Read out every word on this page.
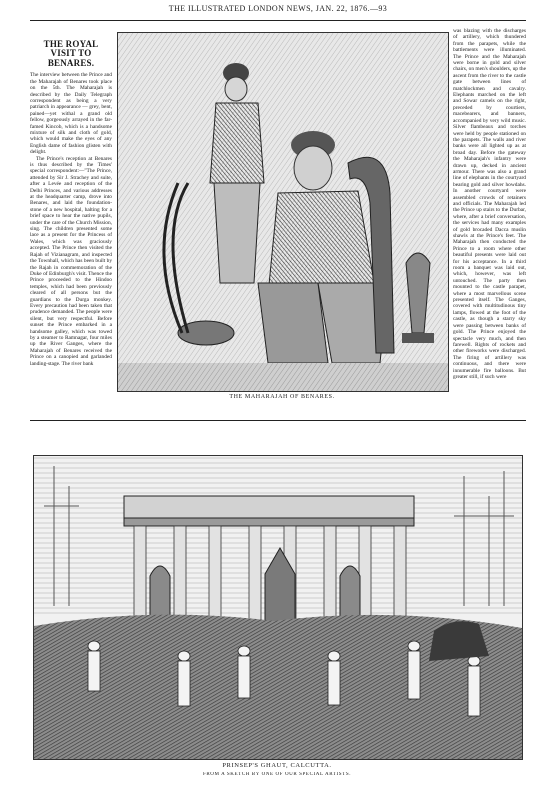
THE ILLUSTRATED LONDON NEWS, JAN. 22, 1876.—93
THE ROYAL VISIT TO BENARES.

The interview between the Prince and the Maharajah of Benares took place on the 5th. The Maharajah is described by the Daily Telegraph correspondent as being a very patriarch in appearance — grey, bent, pained—yet withal a grand old fellow, gorgeously arrayed in the far-famed Kincob, which is a handsome mixture of silk and cloth of gold, which would make the eyes of any English dame of fashion glisten with delight.

The Prince's reception at Benares is thus described by the Times' special correspondent:—"The Prince, attended by Sir J. Strachey and suite, after a Levée and reception of the Delhi Princes, and various addresses at the headquarter camp, drove into Benares, and laid the foundation-stone of a new hospital, halting for a brief space to hear the native pupils, under the care of the Church Mission, sing. The children presented some lace as a present for the Princess of Wales, which was graciously accepted. The Prince then visited the Rajah of Vizianagram, and inspected the Townhall, which has been built by the Rajah in commemoration of the Duke of Edinburgh's visit. Thence the Prince proceeded to the Hindoo temples, which had been previously cleared of all persons but the guardians to the Durga monkey. Every precaution had been taken that prudence demanded. The people were silent, but very respectful. Before sunset the Prince embarked in a handsome galley, which was towed by a steamer to Ramnagar, four miles up the River Ganges, where the Maharajah of Benares received the Prince on a canopied and garlanded landing-stage. The river bank

THE MAHARAJAH OF BENARES.

was blazing with the discharges of artillery, which thundered from the parapets, while the battlements were illuminated. The Prince and the Maharajah were borne in gold and silver chairs, on men's shoulders, up the ascent from the river to the castle gate between lines of matchlockmen and cavalry. Elephants marched on the left and Sowar camels on the right, preceded by courtiers, macebearers, and banners, accompanied by very wild music. Silver flambeaux and torches were held by people stationed on the parapets. The walls and river banks were all lighted up as at broad day. Before the gateway the Maharajah's infantry were drawn up, decked in ancient armour. There was also a grand line of elephants in the courtyard bearing gold and silver howdahs. In another courtyard were assembled crowds of retainers and officials. The Maharajah led the Prince up stairs to the Durbar, where, after a brief conversation, the services had many examples of gold brocaded Dacca muslin shawls at the Prince's feet. The Maharajah then conducted the Prince to a room where other beautiful presents were laid out for his acceptance. In a third room a banquet was laid out, which, however, was left untouched. The party then mounted to the castle parapet, where a most marvellous scene presented itself. The Ganges, covered with multitudinous tiny lamps, flowed at the foot of the castle, as though a starry sky were passing between banks of gold. The Prince enjoyed the spectacle very much, and then farewell. Rights of rockets and other fireworks were discharged. The firing of artillery was continuous, and there were innumerable fire balloons. But greater still, if such were

PRINSEP'S GHAUT, CALCUTTA.
FROM A SKETCH BY ONE OF OUR SPECIAL ARTISTS.
